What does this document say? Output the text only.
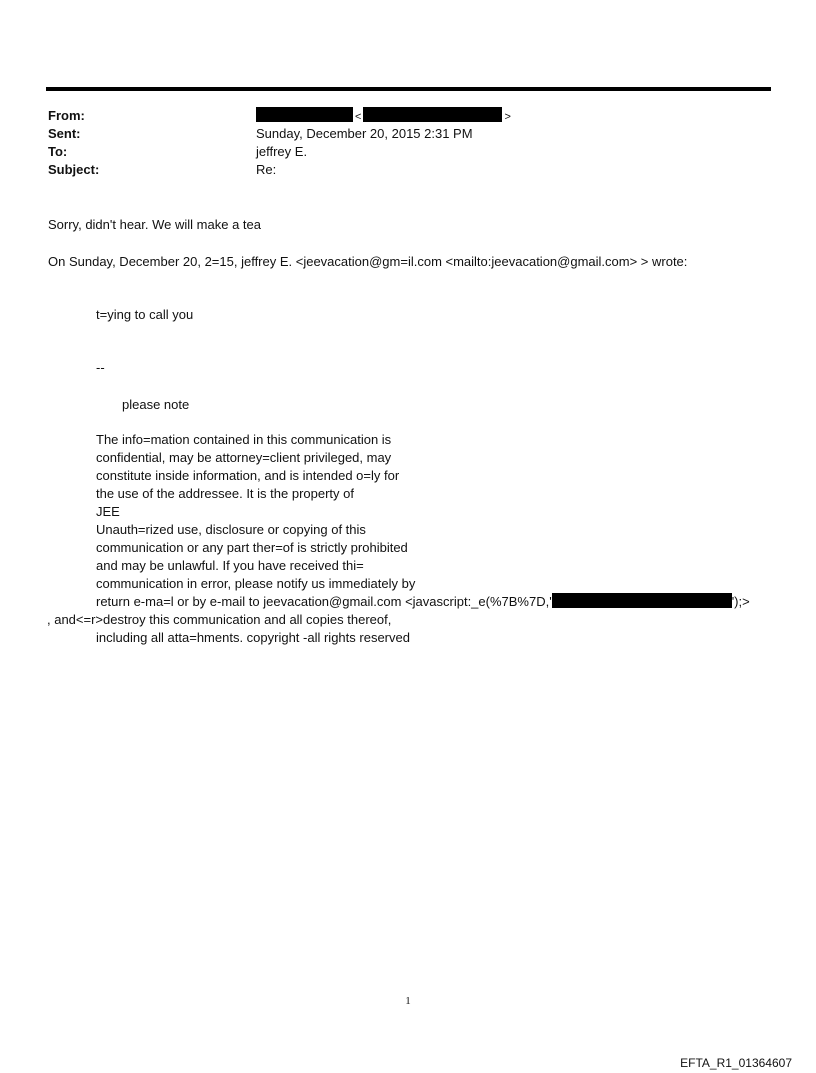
From:	<	>
Sent:	Sunday, December 20, 2015 2:31 PM
To:	jeffrey E.
Subject:	Re:
Sorry, didn't hear. We will make a tea
On Sunday, December 20, 2=15, jeffrey E. <jeevacation@gm=il.com <mailto:jeevacation@gmail.com> > wrote:
t=ying to call you
--
please note
The info=mation contained in this communication is
confidential, may be attorney=client privileged, may
constitute inside information, and is intended o=ly for
the use of the addressee. It is the property of
JEE
Unauth=rized use, disclosure or copying of this
communication or any part ther=of is strictly prohibited
and may be unlawful. If you have received thi=
communication in error, please notify us immediately by
return e-ma=l or by e-mail to jeevacation@gmail.com <javascript:_e(%7B%7D,'	');>
, and<=r>destroy this communication and all copies thereof,
including all atta=hments. copyright -all rights reserved
1
EFTA_R1_01364607
